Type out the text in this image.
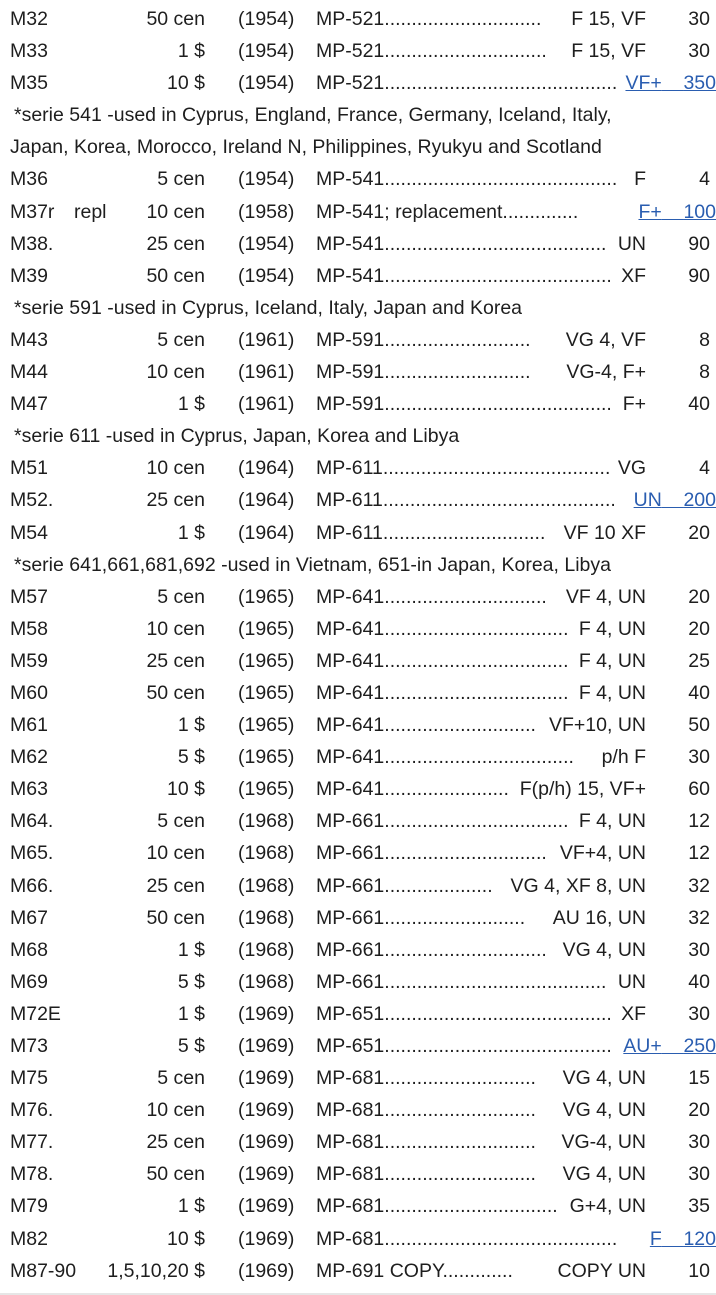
M32	50 cen (1954) MP-521............................. F 15, VF 30
M33	1 $ (1954) MP-521.............................. F 15, VF 30
M35	10 $ (1954) MP-521........................................... VF+ 350
*serie 541 -used in Cyprus, England, France, Germany, Iceland, Italy,
Japan, Korea, Morocco, Ireland N, Philippines, Ryukyu and Scotland
M36	5 cen (1954) MP-541........................................... F	4
M37r repl 10 cen (1958) MP-541; replacement..............	F+ 100
M38.	25 cen (1954) MP-541......................................... UN 90
M39	50 cen (1954) MP-541.......................................... XF 90
*serie 591 -used in Cyprus, Iceland, Italy, Japan and Korea
M43	5 cen (1961) MP-591........................... VG 4, VF	8
M44	10 cen (1961) MP-591........................... VG-4, F+	8
M47	1 $ (1961) MP-591.......................................... F+ 40
*serie 611 -used in Cyprus, Japan, Korea and Libya
M51	10 cen (1964) MP-611.......................................... VG	4
M52.	25 cen (1964) MP-611........................................... UN 200
M54	1 $ (1964) MP-611.............................. VF 10 XF 20
*serie 641,661,681,692 -used in Vietnam, 651-in Japan, Korea, Libya
M57	5 cen (1965) MP-641.............................. VF 4, UN 20
M58	10 cen (1965) MP-641.................................. F 4, UN 20
M59	25 cen (1965) MP-641.................................. F 4, UN 25
M60	50 cen (1965) MP-641.................................. F 4, UN 40
M61	1 $ (1965) MP-641............................ VF+10, UN 50
M62	5 $ (1965) MP-641................................... p/h F 30
M63	10 $ (1965) MP-641....................... F(p/h) 15, VF+ 60
M64.	5 cen (1968) MP-661.................................. F 4, UN 12
M65.	10 cen (1968) MP-661.............................. VF+4, UN 12
M66.	25 cen (1968) MP-661.................... VG 4, XF 8, UN 32
M67	50 cen (1968) MP-661.......................... AU 16, UN 32
M68	1 $ (1968) MP-661.............................. VG 4, UN 30
M69	5 $ (1968) MP-661......................................... UN 40
M72E	1 $ (1969) MP-651.......................................... XF 30
M73	5 $ (1969) MP-651.......................................... AU+ 250
M75	5 cen (1969) MP-681............................ VG 4, UN 15
M76.	10 cen (1969) MP-681............................ VG 4, UN 20
M77.	25 cen (1969) MP-681............................ VG-4, UN 30
M78.	50 cen (1969) MP-681............................ VG 4, UN 30
M79	1 $ (1969) MP-681................................ G+4, UN 35
M82	10 $ (1969) MP-681........................................... F 120
M87-90 1,5,10,20 $ (1969) MP-691 COPY............. COPY UN 10
